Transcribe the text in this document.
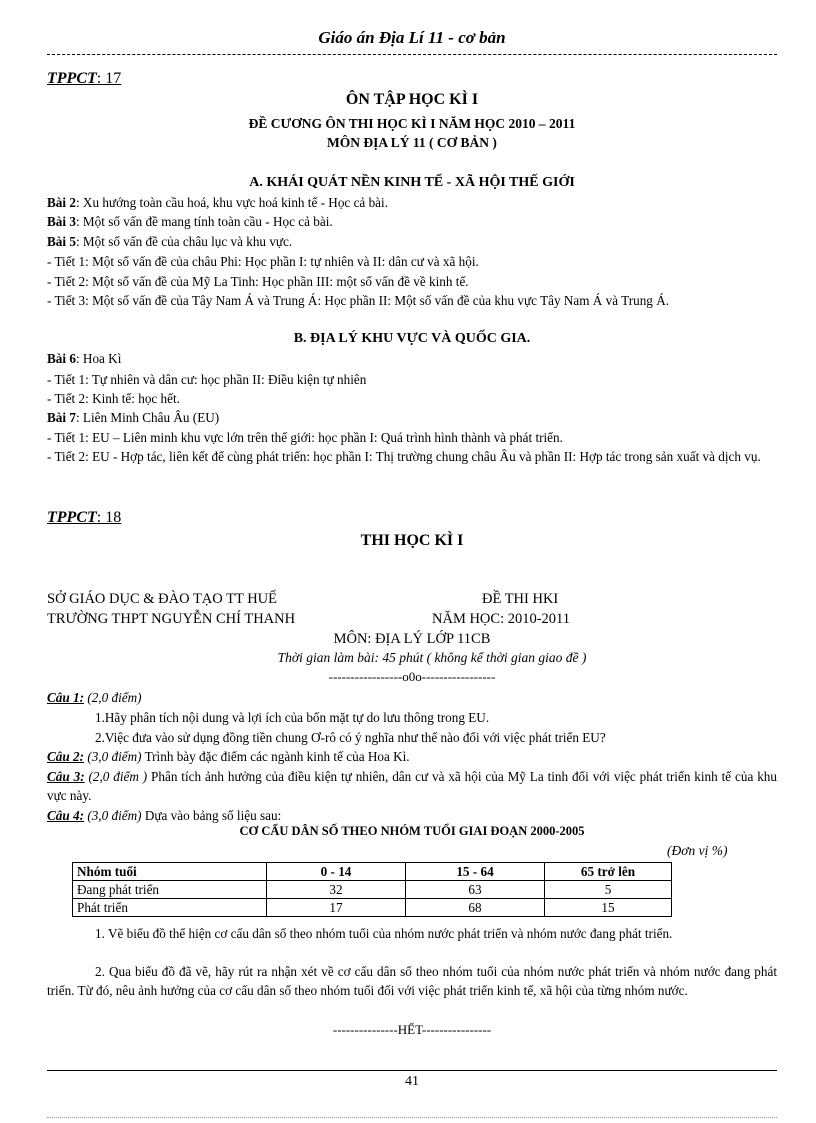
Giáo án Địa Lí 11 - cơ bản
TPPCT: 17
ÔN TẬP HỌC KÌ I
ĐỀ CƯƠNG ÔN THI HỌC KÌ I NĂM HỌC 2010 – 2011
MÔN ĐỊA LÝ 11 ( CƠ BẢN )
A. KHÁI QUÁT NỀN KINH TẾ - XÃ HỘI THẾ GIỚI
Bài 2: Xu hướng toàn cầu hoá, khu vực hoá kinh tế - Học cả bài.
Bài 3: Một số vấn đề mang tính toàn cầu - Học cả bài.
Bài 5: Một số vấn đề của châu lục và khu vực.
- Tiết 1: Một số vấn đề của châu Phi: Học phần I: tự nhiên và II: dân cư và xã hội.
- Tiết 2: Một số vấn đề của Mỹ La Tinh: Học phần III: một số vấn đề về kinh tế.
- Tiết 3: Một số vấn đề của Tây Nam Á và Trung Á: Học phần II: Một số vấn đề của khu vực Tây Nam Á và Trung Á.
B. ĐỊA LÝ KHU VỰC VÀ QUỐC GIA.
Bài 6: Hoa Kì
- Tiết 1: Tự nhiên và dân cư: học phần II: Điều kiện tự nhiên
- Tiết 2: Kinh tế: học hết.
Bài 7: Liên Minh Châu Âu (EU)
- Tiết 1: EU – Liên minh khu vực lớn trên thế giới: học phần I: Quá trình hình thành và phát triển.
- Tiết 2: EU - Hợp tác, liên kết để cùng phát triển: học phần I: Thị trường chung châu Âu và phần II: Hợp tác trong sản xuất và dịch vụ.
TPPCT: 18
THI HỌC KÌ I
SỞ GIÁO DỤC & ĐÀO TẠO TT HUẾ	ĐỀ THI HKI
TRƯỜNG THPT NGUYỄN CHÍ THANH	NĂM HỌC: 2010-2011
MÔN: ĐỊA LÝ LỚP 11CB
Thời gian làm bài: 45 phút ( không kể thời gian giao đề )
-----------------o0o-----------------
Câu 1: (2,0 điểm)
1.Hãy phân tích nội dung và lợi ích của bốn mặt tự do lưu thông trong EU.
2.Việc đưa vào sử dụng đồng tiền chung Ơ-rô có ý nghĩa như thế nào đối với việc phát triển EU?
Câu 2: (3,0 điểm) Trình bày đặc điểm các ngành kinh tế của Hoa Kì.
Câu 3: (2,0 điểm ) Phân tích ảnh hưởng của điều kiện tự nhiên, dân cư và xã hội của Mỹ La tinh đối với việc phát triển kinh tế của khu vực này.
Câu 4: (3,0 điểm) Dựa vào bảng số liệu sau:
CƠ CẤU DÂN SỐ THEO NHÓM TUỔI GIAI ĐOẠN 2000-2005
(Đơn vị %)
Nhóm tuổi	0 - 14	15 - 64	65 trở lên
Đang phát triển	32	63	5
Phát triển	17	68	15
1. Vẽ biểu đồ thể hiện cơ cấu dân số theo nhóm tuổi của nhóm nước phát triển và nhóm nước đang phát triển.
2. Qua biểu đồ đã vẽ, hãy rút ra nhận xét về cơ cấu dân số theo nhóm tuổi của nhóm nước phát triển và nhóm nước đang phát triển. Từ đó, nêu ảnh hưởng của cơ cấu dân số theo nhóm tuổi đối với việc phát triển kinh tế, xã hội của từng nhóm nước.
---------------HẾT----------------
41
